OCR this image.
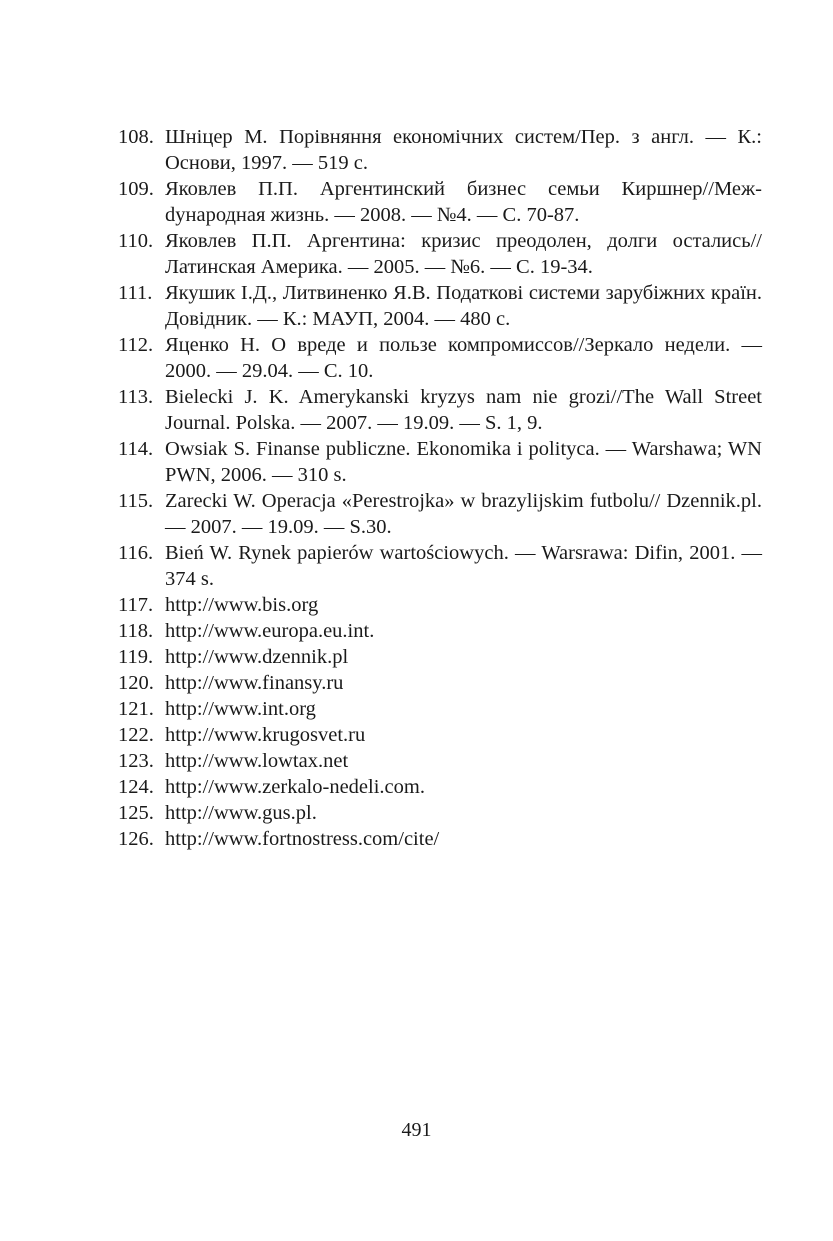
108. Шніцер М. Порівняння економічних систем/Пер. з англ. — К.: Основи, 1997. — 519 с.
109. Яковлев П.П. Аргентинский бизнес семьи Киршнер//Межdународная жизнь. — 2008. — №4. — С. 70-87.
110. Яковлев П.П. Аргентина: кризис преодолен, долги остались// Латинская Америка. — 2005. — №6. — С. 19-34.
111. Якушик І.Д., Литвиненко Я.В. Податкові системи зарубіжних країн. Довідник. — К.: МАУП, 2004. — 480 с.
112. Яценко Н. О вреде и пользе компромиссов//Зеркало недели. — 2000. — 29.04. — С. 10.
113. Bielecki J. K. Amerykanski kryzys nam nie grozi//The Wall Street Journal. Polska. — 2007. — 19.09. — S. 1, 9.
114. Owsiak S. Finanse publiczne. Ekonomika i polityca. — Warshawa; WN PWN, 2006. — 310 s.
115. Zarecki W. Operacja «Perestrojka» w brazylijskim futbolu// Dzennik.pl. — 2007. — 19.09. — S.30.
116. Bień W. Rynek papierów wartościowych. — Warsrawa: Difin, 2001. — 374 s.
117. http://www.bis.org
118. http://www.europa.eu.int.
119. http://www.dzennik.pl
120. http://www.finansy.ru
121. http://www.int.org
122. http://www.krugosvet.ru
123. http://www.lowtax.net
124. http://www.zerkalo-nedeli.com.
125. http://www.gus.pl.
126. http://www.fortnostress.com/cite/
491
